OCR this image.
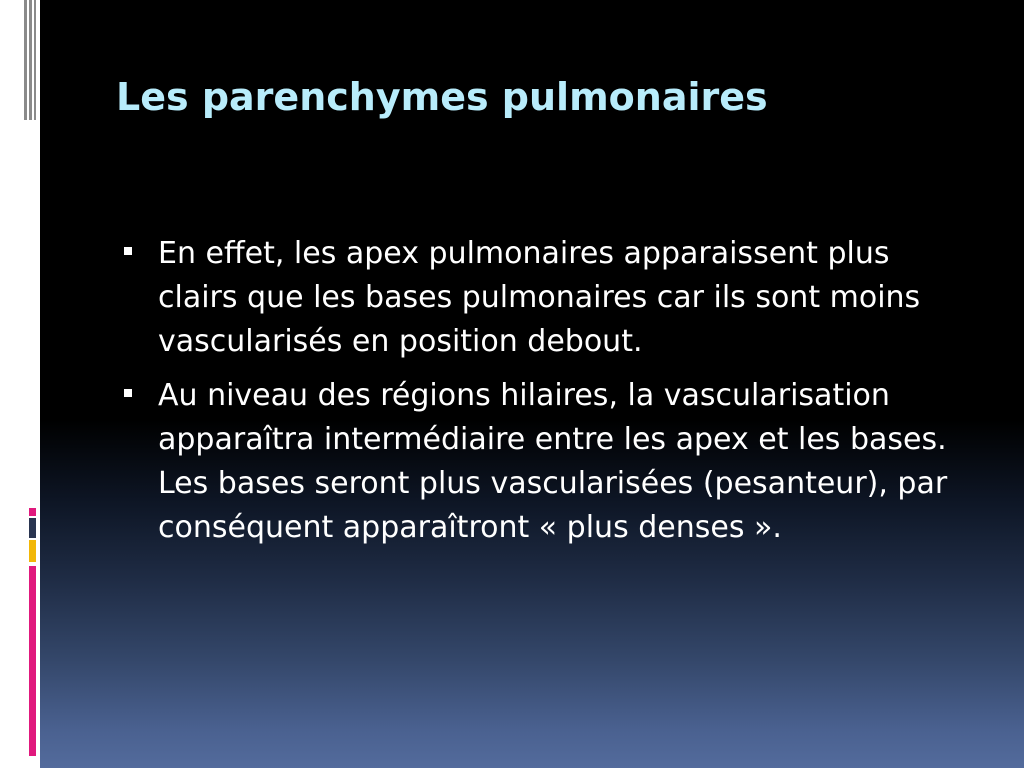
Les parenchymes pulmonaires
En effet, les apex pulmonaires apparaissent plus clairs que les bases pulmonaires car ils sont moins vascularisés en position debout.
Au niveau des régions hilaires, la vascularisation apparaîtra intermédiaire entre les apex et les bases. Les bases seront plus vascularisées (pesanteur), par conséquent apparaîtront « plus denses ».
